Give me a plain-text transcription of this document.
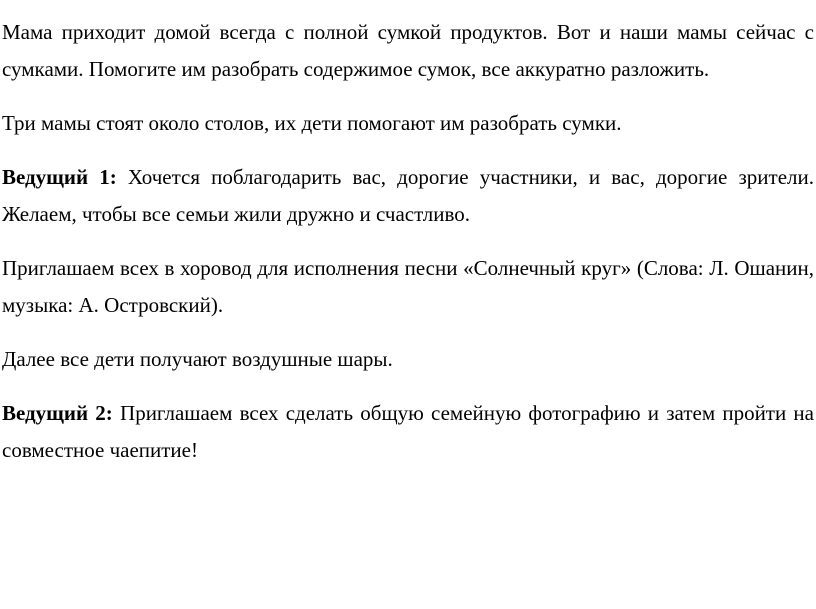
Мама приходит домой всегда с полной сумкой продуктов. Вот и наши мамы сейчас с сумками. Помогите им разобрать содержимое сумок, все аккуратно разложить.

Три мамы стоят около столов, их дети помогают им разобрать сумки.

Ведущий 1: Хочется поблагодарить вас, дорогие участники, и вас, дорогие зрители. Желаем, чтобы все семьи жили дружно и счастливо.

Приглашаем всех в хоровод для исполнения песни «Солнечный круг» (Слова: Л. Ошанин, музыка: А. Островский).

Далее все дети получают воздушные шары.

Ведущий 2: Приглашаем всех сделать общую семейную фотографию и затем пройти на совместное чаепитие!
